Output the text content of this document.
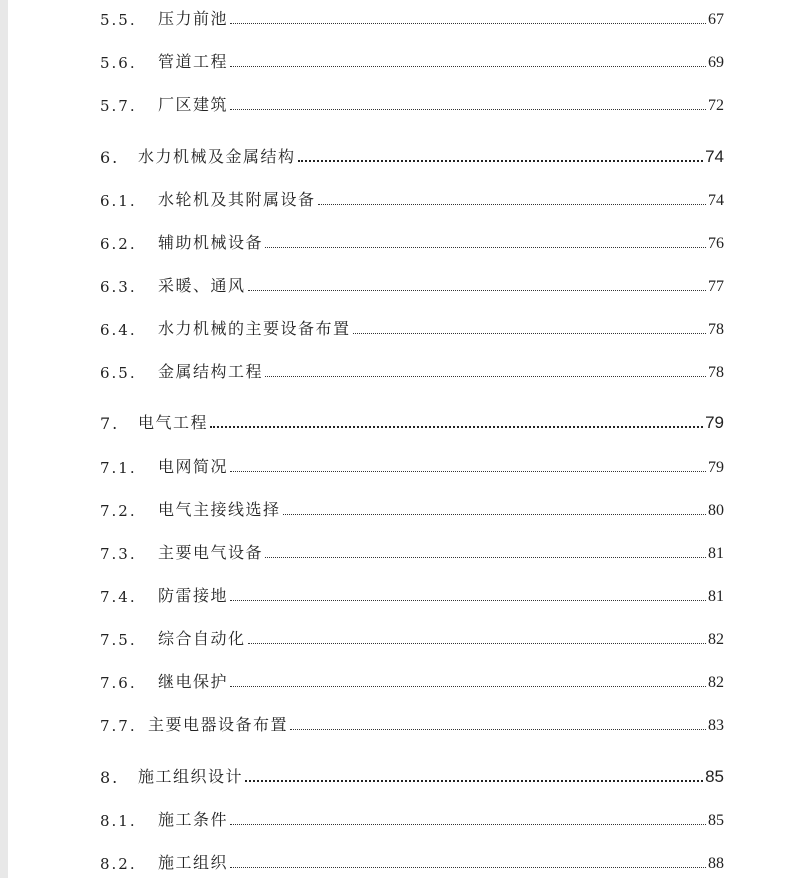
5.5.	压力前池	67
5.6.	管道工程	69
5.7.	厂区建筑	72
6.	水力机械及金属结构	74
6.1.	水轮机及其附属设备	74
6.2.	辅助机械设备	76
6.3.	采暖、通风	77
6.4.	水力机械的主要设备布置	78
6.5.	金属结构工程	78
7.	电气工程	79
7.1.	电网简况	79
7.2.	电气主接线选择	80
7.3.	主要电气设备	81
7.4.	防雷接地	81
7.5.	综合自动化	82
7.6.	继电保护	82
7.7. 主要电器设备布置	83
8.	施工组织设计	85
8.1.	施工条件	85
8.2.	施工组织	88
